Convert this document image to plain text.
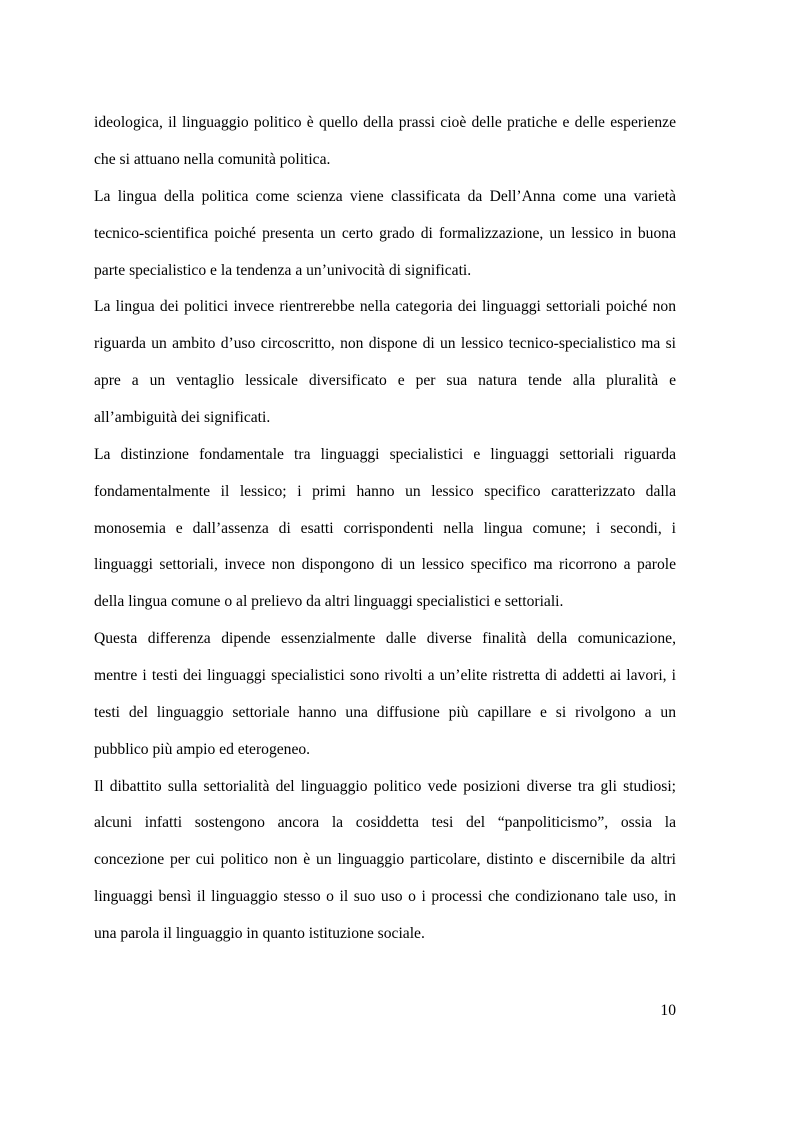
ideologica, il linguaggio politico è quello della prassi cioè delle pratiche e delle esperienze

che si attuano nella comunità politica.

La lingua della politica come scienza viene classificata da Dell’Anna come una varietà

tecnico-scientifica poiché presenta un certo grado di formalizzazione, un lessico in buona

parte specialistico e la tendenza a un’univocità di significati.

La lingua dei politici invece rientrerebbe nella categoria dei linguaggi settoriali poiché non

riguarda un ambito d’uso circoscritto, non dispone di un lessico tecnico-specialistico ma si

apre a un ventaglio lessicale diversificato e per sua natura tende alla pluralità e

all’ambiguità dei significati.

La distinzione fondamentale tra linguaggi specialistici e linguaggi settoriali riguarda

fondamentalmente il lessico; i primi hanno un lessico specifico caratterizzato dalla

monosemia e dall’assenza di esatti corrispondenti nella lingua comune; i secondi, i

linguaggi settoriali, invece non dispongono di un lessico specifico ma ricorrono a parole

della lingua comune o al prelievo da altri linguaggi specialistici e settoriali.

Questa differenza dipende essenzialmente dalle diverse finalità della comunicazione,

mentre i testi dei linguaggi specialistici sono rivolti a un’elite ristretta di addetti ai lavori, i

testi del linguaggio settoriale hanno una diffusione più capillare e si rivolgono a un

pubblico più ampio ed eterogeneo.

Il dibattito sulla settorialità del linguaggio politico vede posizioni diverse tra gli studiosi;

alcuni infatti sostengono ancora la cosiddetta tesi del “panpoliticismo”, ossia la

concezione per cui politico non è un linguaggio particolare, distinto e discernibile da altri

linguaggi bensì il linguaggio stesso o il suo uso o i processi che condizionano tale uso, in

una parola il linguaggio in quanto istituzione sociale.

10
